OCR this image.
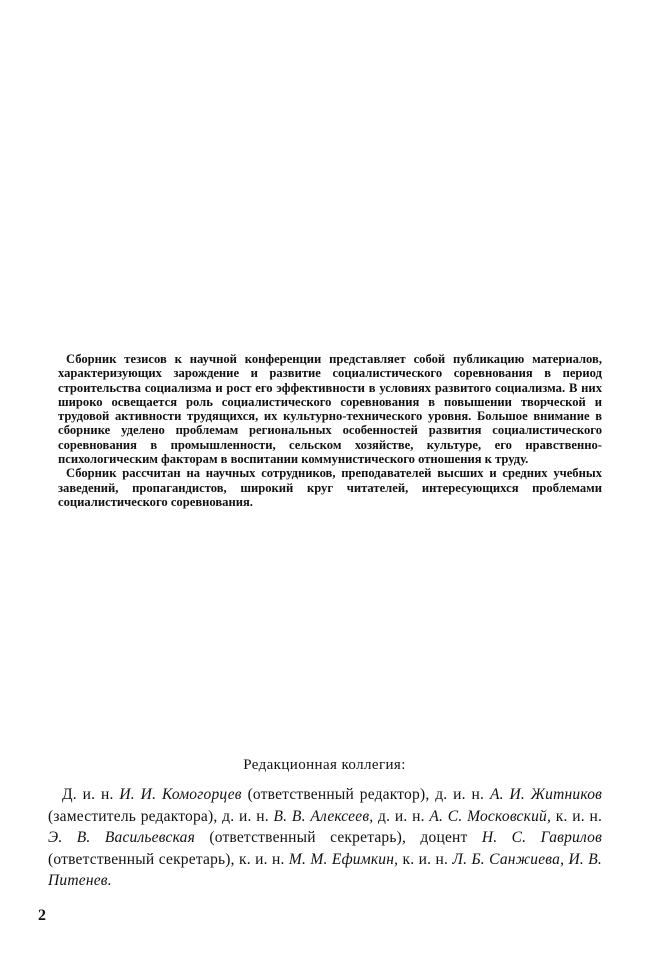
Сборник тезисов к научной конференции представляет собой публикацию материалов, характеризующих зарождение и развитие социалистического соревнования в период строительства социализма и рост его эффективности в условиях развитого социализма. В них широко освещается роль социалистического соревнования в повышении творческой и трудовой активности трудящихся, их культурно-технического уровня. Большое внимание в сборнике уделено проблемам региональных особенностей развития социалистического соревнования в промышленности, сельском хозяйстве, культуре, его нравственно-психологическим факторам в воспитании коммунистического отношения к труду.

Сборник рассчитан на научных сотрудников, преподавателей высших и средних учебных заведений, пропагандистов, широкий круг читателей, интересующихся проблемами социалистического соревнования.

Редакционная коллегия:
Д. и. н. И. И. Комогорцев (ответственный редактор), д. и. н. А. И. Житников (заместитель редактора), д. и. н. В. В. Алексеев, д. и. н. А. С. Московский, к. и. н. Э. В. Васильевская (ответственный секретарь), доцент Н. С. Гаврилов (ответственный секретарь), к. и. н. М. М. Ефимкин, к. и. н. Л. Б. Санжиева, И. В. Питенев.
2
